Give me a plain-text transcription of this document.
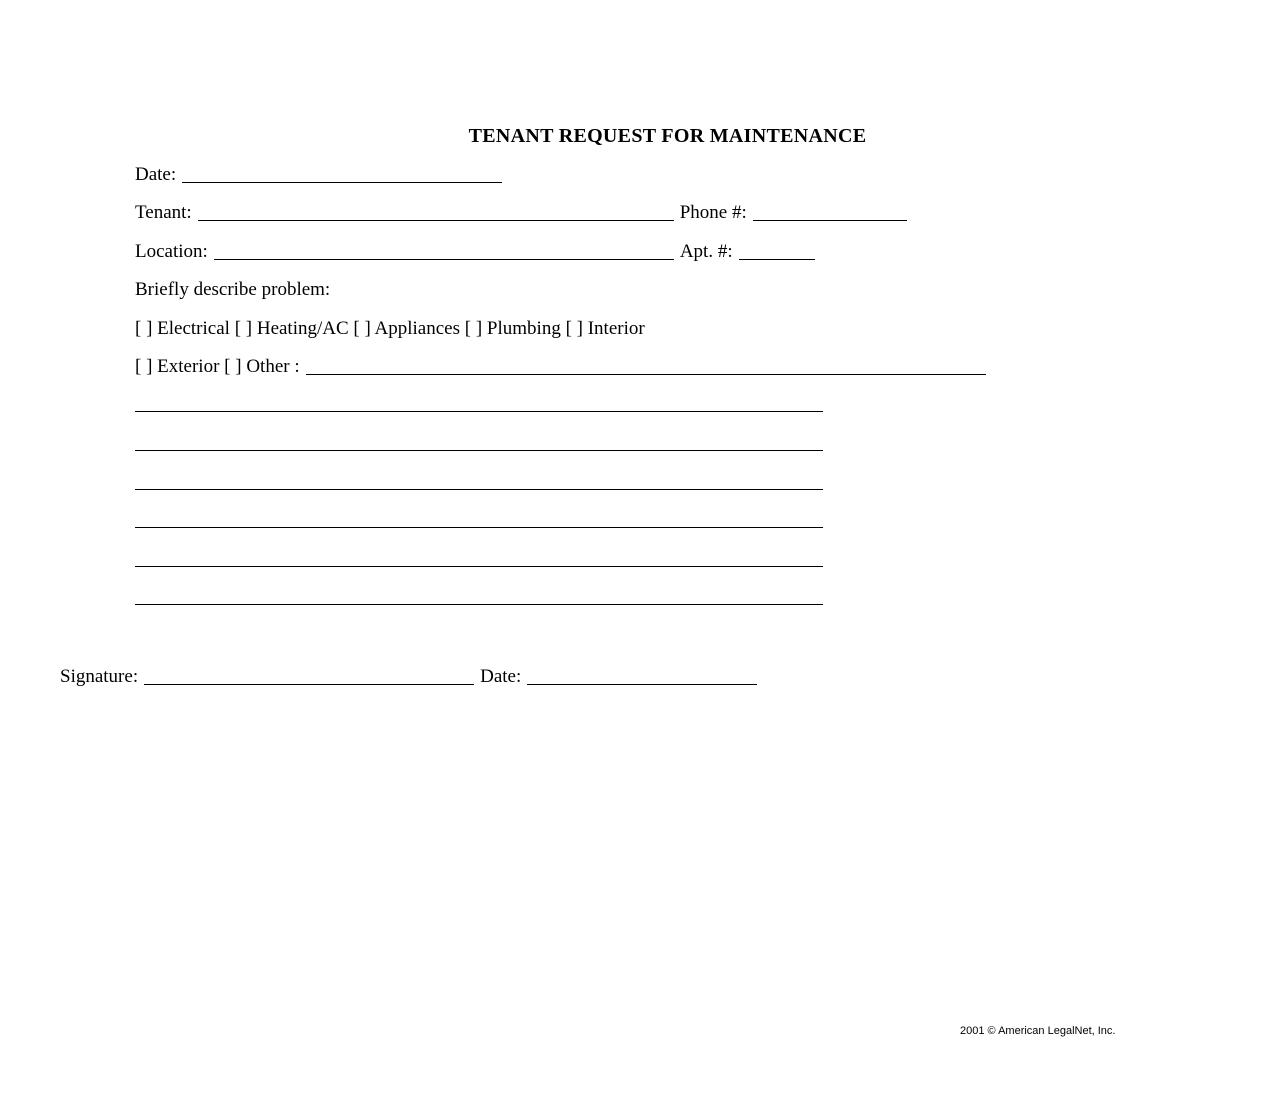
TENANT REQUEST FOR MAINTENANCE
Date:
Tenant:	Phone #:
Location:	Apt. #:
Briefly describe problem:
[ ] Electrical [ ] Heating/AC [ ] Appliances [ ] Plumbing [ ] Interior
[ ] Exterior [ ] Other :
Signature:	Date:
2001 © American LegalNet, Inc.
